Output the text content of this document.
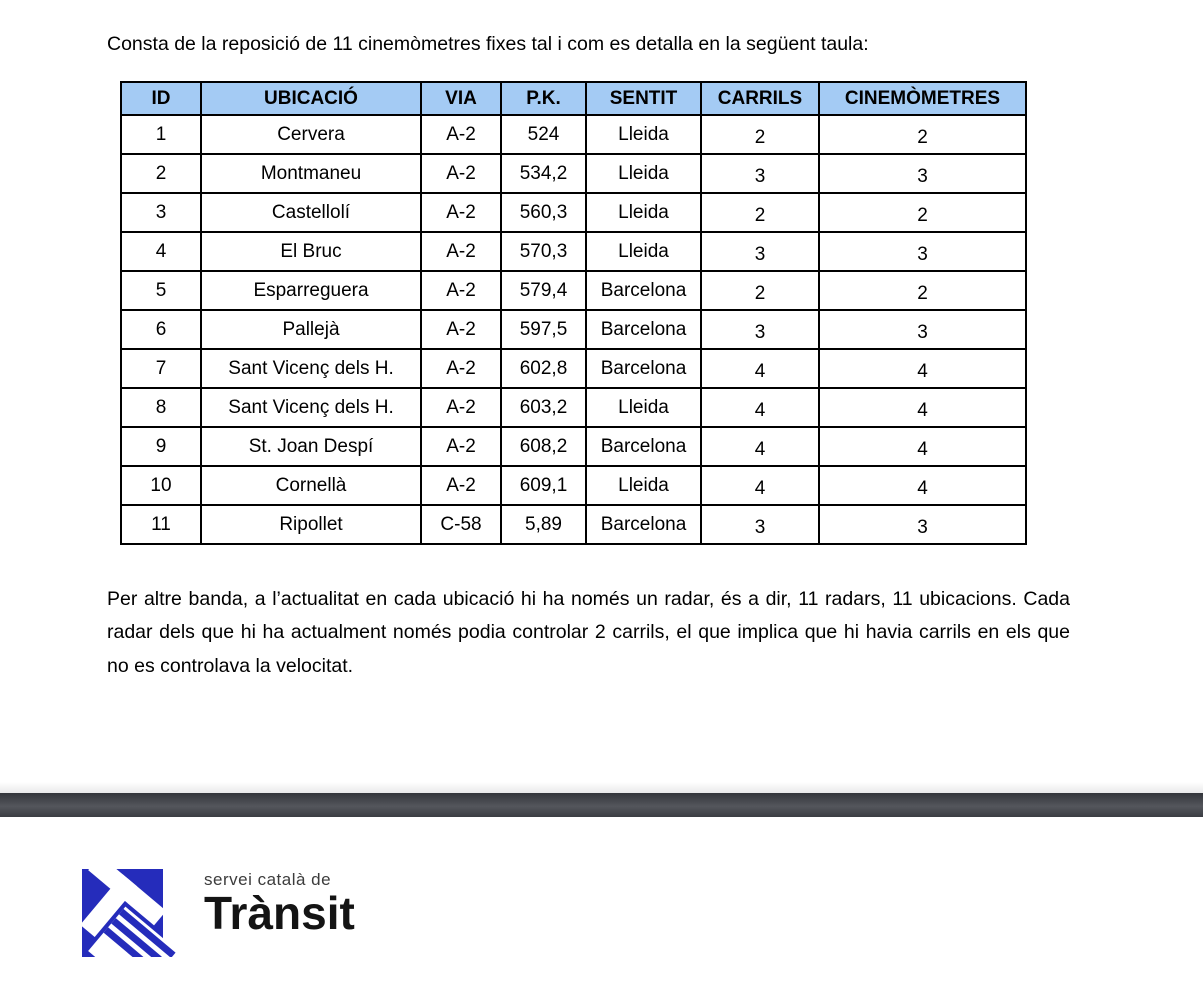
Consta de la reposició de 11 cinemòmetres fixes tal i com es detalla en la següent taula:

ID	UBICACIÓ	VIA	P.K.	SENTIT	CARRILS	CINEMÒMETRES
1	Cervera	A-2	524	Lleida	2	2
2	Montmaneu	A-2	534,2	Lleida	3	3
3	Castellolí	A-2	560,3	Lleida	2	2
4	El Bruc	A-2	570,3	Lleida	3	3
5	Esparreguera	A-2	579,4	Barcelona	2	2
6	Pallejà	A-2	597,5	Barcelona	3	3
7	Sant Vicenç dels H.	A-2	602,8	Barcelona	4	4
8	Sant Vicenç dels H.	A-2	603,2	Lleida	4	4
9	St. Joan Despí	A-2	608,2	Barcelona	4	4
10	Cornellà	A-2	609,1	Lleida	4	4
11	Ripollet	C-58	5,89	Barcelona	3	3

Per altre banda, a l’actualitat en cada ubicació hi ha només un radar, és a dir, 11 radars, 11 ubicacions. Cada radar dels que hi ha actualment només podia controlar 2 carrils, el que implica que hi havia carrils en els que no es controlava la velocitat.

servei català de
Trànsit
